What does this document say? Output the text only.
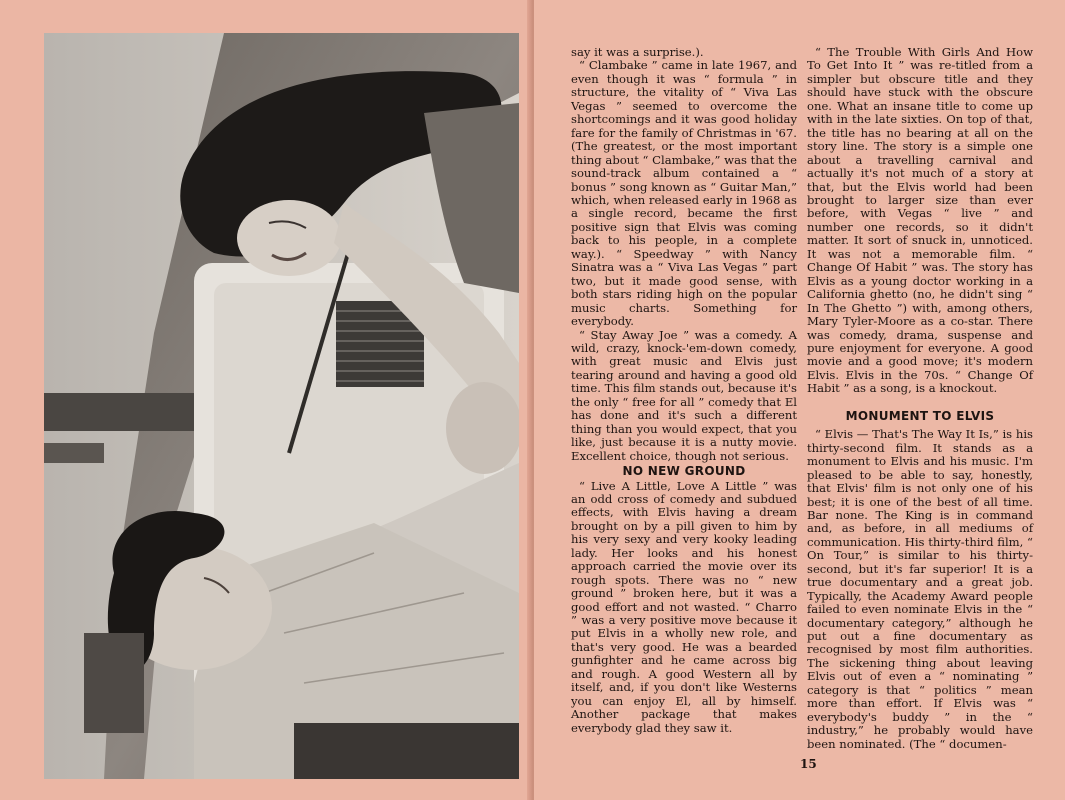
say it was a surprise.).

“ Clambake ” came in late 1967, and even though it was “ formula ” in structure, the vitality of “ Viva Las Vegas ” seemed to overcome the shortcomings and it was good holiday fare for the family of Christmas in '67. (The greatest, or the most important thing about “ Clambake,” was that the sound-track album contained a “ bonus ” song known as “ Guitar Man,” which, when released early in 1968 as a single record, became the first positive sign that Elvis was coming back to his people, in a complete way.). “ Speedway ” with Nancy Sinatra was a “ Viva Las Vegas ” part two, but it made good sense, with both stars riding high on the popular music charts. Something for everybody.

“ Stay Away Joe ” was a comedy. A wild, crazy, knock-'em-down comedy, with great music and Elvis just tearing around and having a good old time. This film stands out, because it's the only “ free for all ” comedy that El has done and it's such a different thing than you would expect, that you like, just because it is a nutty movie. Excellent choice, though not serious.

NO NEW GROUND

“ Live A Little, Love A Little ” was an odd cross of comedy and subdued effects, with Elvis having a dream brought on by a pill given to him by his very sexy and very kooky leading lady. Her looks and his honest approach carried the movie over its rough spots. There was no “ new ground ” broken here, but it was a good effort and not wasted. “ Charro ” was a very positive move because it put Elvis in a wholly new role, and that's very good. He was a bearded gunfighter and he came across big and rough. A good Western all by itself, and, if you don't like Westerns you can enjoy El, all by himself. Another package that makes everybody glad they saw it.

“ The Trouble With Girls And How To Get Into It ” was re-titled from a simpler but obscure title and they should have stuck with the obscure one. What an insane title to come up with in the late sixties. On top of that, the title has no bearing at all on the story line. The story is a simple one about a travelling carnival and actually it's not much of a story at that, but the Elvis world had been brought to larger size than ever before, with Vegas “ live ” and number one records, so it didn't matter. It sort of snuck in, unnoticed. It was not a memorable film. “ Change Of Habit ” was. The story has Elvis as a young doctor working in a California ghetto (no, he didn't sing “ In The Ghetto ”) with, among others, Mary Tyler-Moore as a co-star. There was comedy, drama, suspense and pure enjoyment for everyone. A good movie and a good move; it's modern Elvis. Elvis in the 70s. “ Change Of Habit ” as a song, is a knockout.

MONUMENT TO ELVIS

“ Elvis — That's The Way It Is,” is his thirty-second film. It stands as a monument to Elvis and his music. I'm pleased to be able to say, honestly, that Elvis' film is not only one of his best; it is one of the best of all time. Bar none. The King is in command and, as before, in all mediums of communication. His thirty-third film, “ On Tour,” is similar to his thirty-second, but it's far superior! It is a true documentary and a great job. Typically, the Academy Award people failed to even nominate Elvis in the “ documentary category,” although he put out a fine documentary as recognised by most film authorities. The sickening thing about leaving Elvis out of even a “ nominating ” category is that “ politics ” mean more than effort. If Elvis was “ everybody's buddy ” in the “ industry,” he probably would have been nominated. (The “ documen-

15
